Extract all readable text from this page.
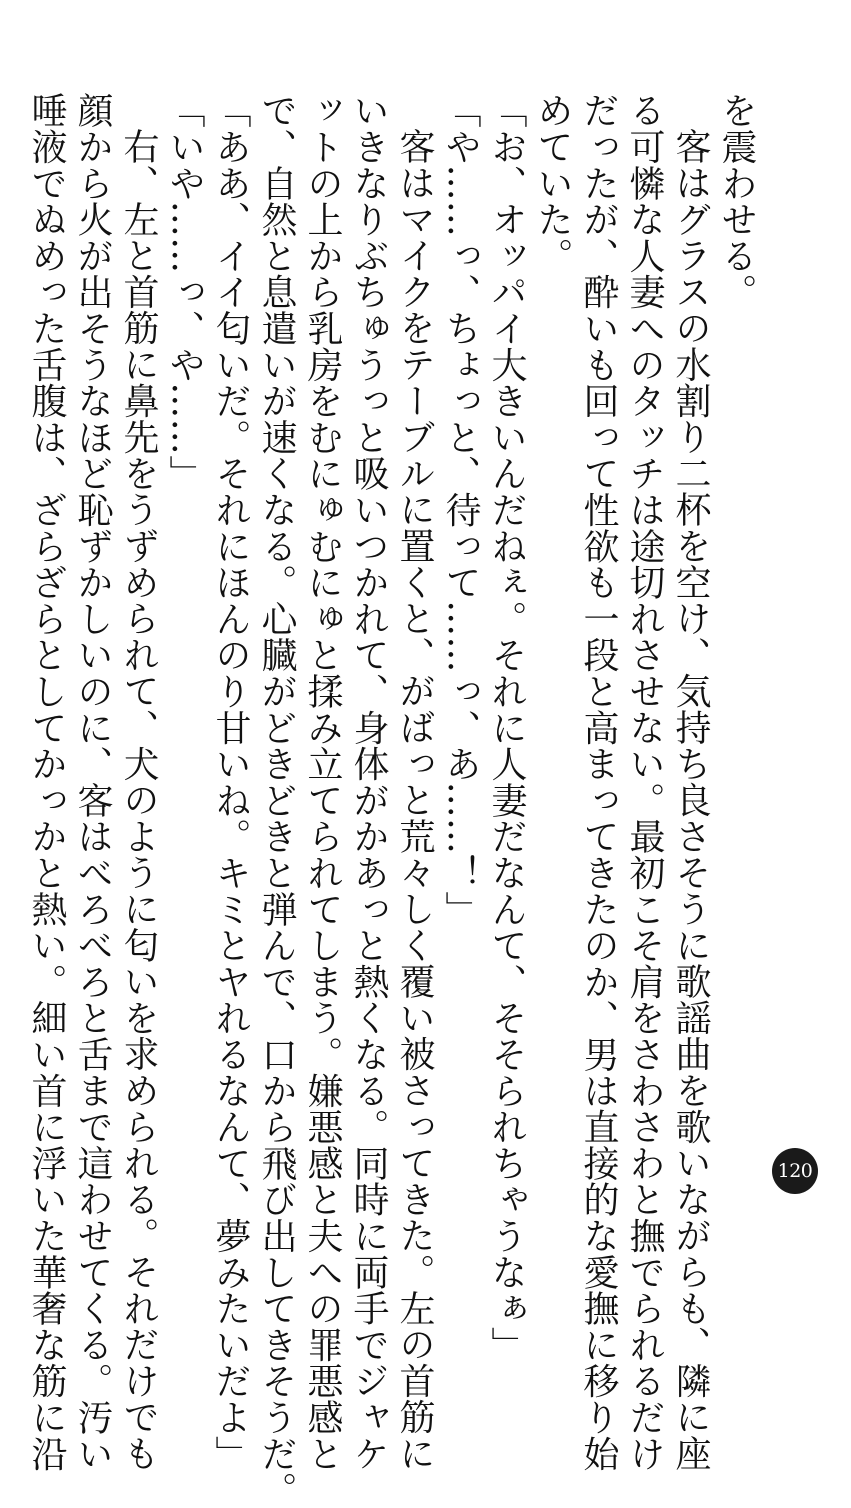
を震わせる。
客はグラスの水割り二杯を空け、気持ち良さそうに歌謡曲を歌いながらも、隣に座
る可憐な人妻へのタッチは途切れさせない。最初こそ肩をさわさわと撫でられるだけ
だったが、酔いも回って性欲も一段と高まってきたのか、男は直接的な愛撫に移り始
めていた。
「お、オッパイ大きいんだねぇ。それに人妻だなんて、そそられちゃうなぁ」
「や……っ、ちょっと、待って……っ、あ……！」
客はマイクをテーブルに置くと、がばっと荒々しく覆い被さってきた。左の首筋に
いきなりぶちゅうっと吸いつかれて、身体がかあっと熱くなる。同時に両手でジャケ
ットの上から乳房をむにゅむにゅと揉み立てられてしまう。嫌悪感と夫への罪悪感と
で、自然と息遣いが速くなる。心臓がどきどきと弾んで、口から飛び出してきそうだ。
「ああ、イイ匂いだ。それにほんのり甘いね。キミとヤれるなんて、夢みたいだよ」
「いや……っ、や……」
右、左と首筋に鼻先をうずめられて、犬のように匂いを求められる。それだけでも
顔から火が出そうなほど恥ずかしいのに、客はべろべろと舌まで這わせてくる。汚い
唾液でぬめった舌腹は、ざらざらとしてかっかと熱い。細い首に浮いた華奢な筋に沿	120
